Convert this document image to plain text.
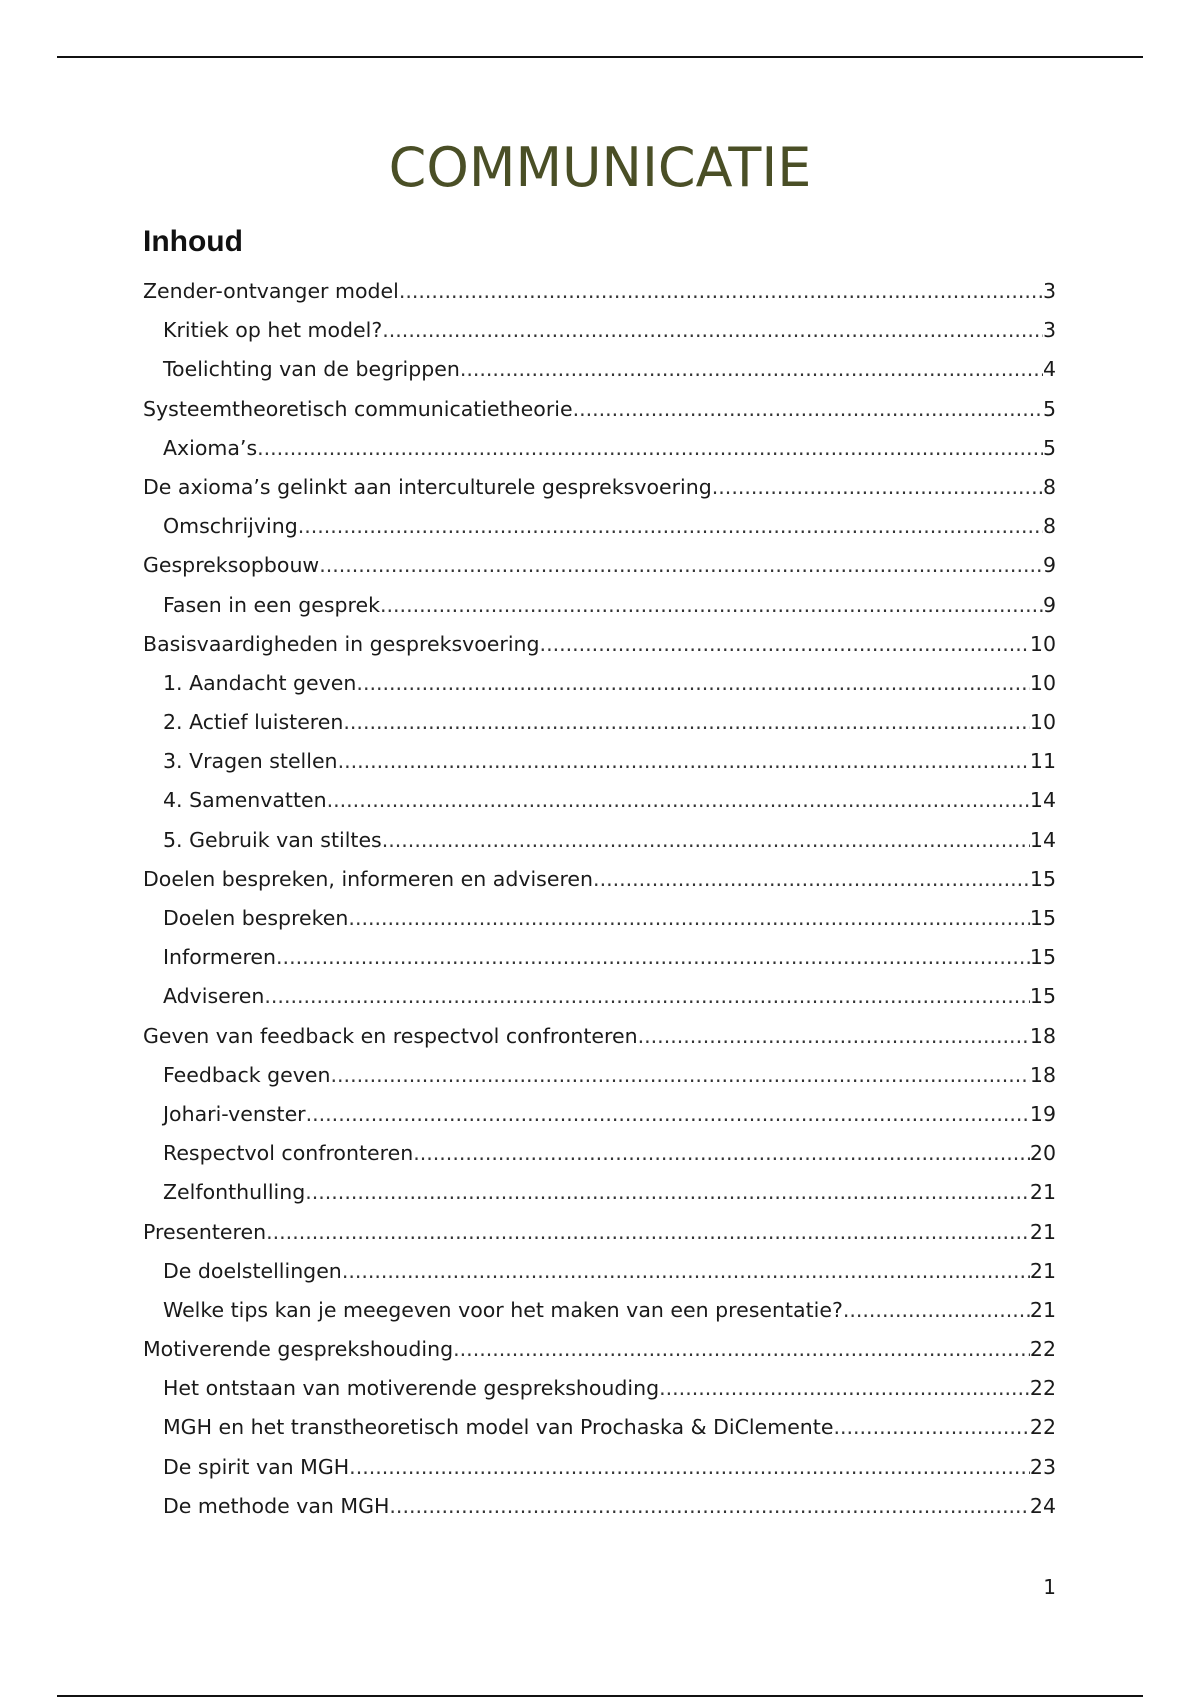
COMMUNICATIE
Inhoud
Zender-ontvanger model .....	3
Kritiek op het model? .....	3
Toelichting van de begrippen .....	4
Systeemtheoretisch communicatietheorie .....	5
Axioma’s .....	5
De axioma’s gelinkt aan interculturele gespreksvoering .....	8
Omschrijving .....	8
Gespreksopbouw .....	9
Fasen in een gesprek .....	9
Basisvaardigheden in gespreksvoering .....	10
1. Aandacht geven .....	10
2. Actief luisteren .....	10
3. Vragen stellen .....	11
4. Samenvatten .....	14
5. Gebruik van stiltes .....	14
Doelen bespreken, informeren en adviseren .....	15
Doelen bespreken .....	15
Informeren .....	15
Adviseren .....	15
Geven van feedback en respectvol confronteren .....	18
Feedback geven .....	18
Johari-venster .....	19
Respectvol confronteren .....	20
Zelfonthulling .....	21
Presenteren .....	21
De doelstellingen .....	21
Welke tips kan je meegeven voor het maken van een presentatie? .....	21
Motiverende gesprekshouding .....	22
Het ontstaan van motiverende gesprekshouding .....	22
MGH en het transtheoretisch model van Prochaska & DiClemente .....	22
De spirit van MGH .....	23
De methode van MGH .....	24
1
